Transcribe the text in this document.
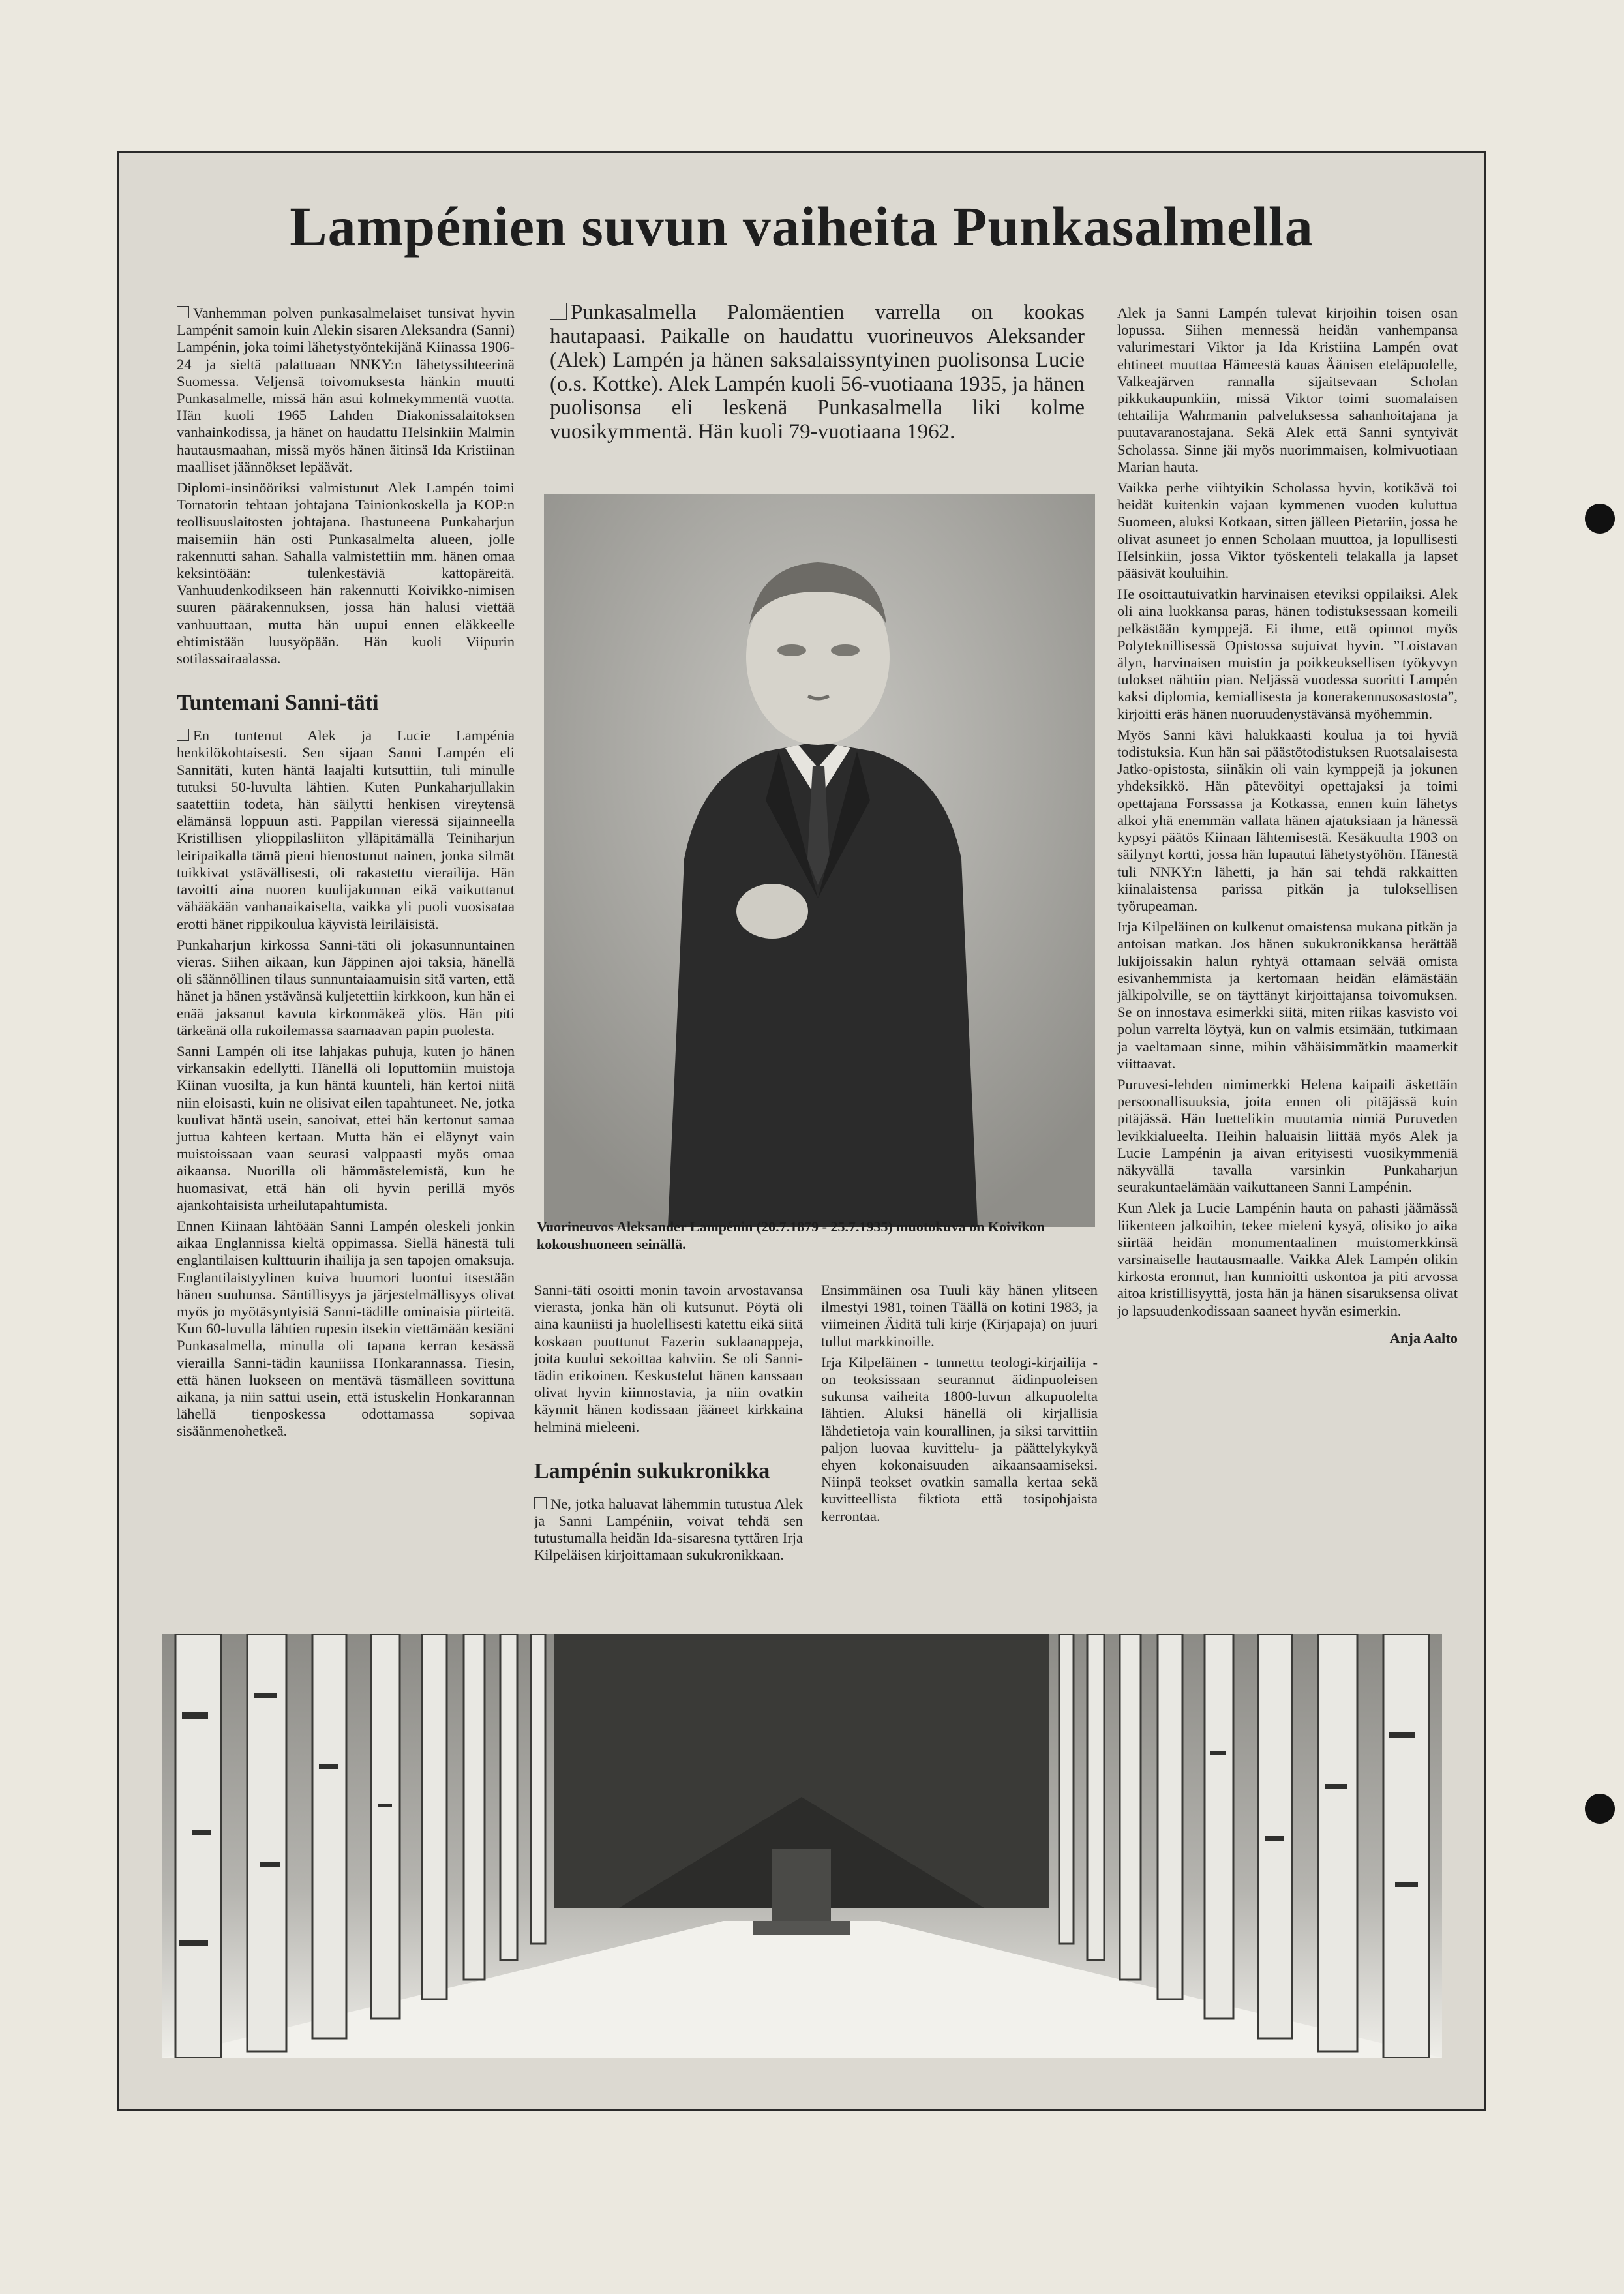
Lampénien suvun vaiheita Punkasalmella

Vanhemman polven punkasalmelaiset tunsivat hyvin Lampénit samoin kuin Alekin sisaren Aleksandra (Sanni) Lampénin, joka toimi lähetystyöntekijänä Kiinassa 1906-24 ja sieltä palattuaan NNKY:n lähetyssihteerinä Suomessa. Veljensä toivomuksesta hänkin muutti Punkasalmelle, missä hän asui kolmekymmentä vuotta. Hän kuoli 1965 Lahden Diakonissalaitoksen vanhainkodissa, ja hänet on haudattu Helsinkiin Malmin hautausmaahan, missä myös hänen äitinsä Ida Kristiinan maalliset jäännökset lepäävät.

Diplomi-insinööriksi valmistunut Alek Lampén toimi Tornatorin tehtaan johtajana Tainionkoskella ja KOP:n teollisuuslaitosten johtajana. Ihastuneena Punkaharjun maisemiin hän osti Punkasalmelta alueen, jolle rakennutti sahan. Sahalla valmistettiin mm. hänen omaa keksintöään: tulenkestäviä kattopäreitä. Vanhuudenkodikseen hän rakennutti Koivikko-nimisen suuren päärakennuksen, jossa hän halusi viettää vanhuuttaan, mutta hän uupui ennen eläkkeelle ehtimistään luusyöpään. Hän kuoli Viipurin sotilassairaalassa.

Tuntemani Sanni-täti

En tuntenut Alek ja Lucie Lampénia henkilökohtaisesti. Sen sijaan Sanni Lampén eli Sannitäti, kuten häntä laajalti kutsuttiin, tuli minulle tutuksi 50-luvulta lähtien. Kuten Punkaharjullakin saatettiin todeta, hän säilytti henkisen vireytensä elämänsä loppuun asti. Pappilan vieressä sijainneella Kristillisen ylioppilasliiton ylläpitämällä Teiniharjun leiripaikalla tämä pieni hienostunut nainen, jonka silmät tuikkivat ystävällisesti, oli rakastettu vierailija. Hän tavoitti aina nuoren kuulijakunnan eikä vaikuttanut vähääkään vanhanaikaiselta, vaikka yli puoli vuosisataa erotti hänet rippikoulua käyvistä leiriläisistä.

Punkaharjun kirkossa Sanni-täti oli jokasunnuntainen vieras. Siihen aikaan, kun Jäppinen ajoi taksia, hänellä oli säännöllinen tilaus sunnuntaiaamuisin sitä varten, että hänet ja hänen ystävänsä kuljetettiin kirkkoon, kun hän ei enää jaksanut kavuta kirkonmäkeä ylös. Hän piti tärkeänä olla rukoilemassa saarnaavan papin puolesta.

Sanni Lampén oli itse lahjakas puhuja, kuten jo hänen virkansakin edellytti. Hänellä oli loputtomiin muistoja Kiinan vuosilta, ja kun häntä kuunteli, hän kertoi niitä niin eloisasti, kuin ne olisivat eilen tapahtuneet. Ne, jotka kuulivat häntä usein, sanoivat, ettei hän kertonut samaa juttua kahteen kertaan. Mutta hän ei eläynyt vain muistoissaan vaan seurasi valppaasti myös omaa aikaansa. Nuorilla oli hämmästelemistä, kun he huomasivat, että hän oli hyvin perillä myös ajankohtaisista urheilutapahtumista.

Ennen Kiinaan lähtöään Sanni Lampén oleskeli jonkin aikaa Englannissa kieltä oppimassa. Siellä hänestä tuli englantilaisen kulttuurin ihailija ja sen tapojen omaksuja. Englantilaistyylinen kuiva huumori luontui itsestään hänen suuhunsa. Säntillisyys ja järjestelmällisyys olivat myös jo myötäsyntyisiä Sanni-tädille ominaisia piirteitä. Kun 60-luvulla lähtien rupesin itsekin viettämään kesiäni Punkasalmella, minulla oli tapana kerran kesässä vierailla Sanni-tädin kauniissa Honkarannassa. Tiesin, että hänen luokseen on mentävä täsmälleen sovittuna aikana, ja niin sattui usein, että istuskelin Honkarannan lähellä tienposkessa odottamassa sopivaa sisäänmenohetkeä.

Punkasalmella Palomäentien varrella on kookas hautapaasi. Paikalle on haudattu vuorineuvos Aleksander (Alek) Lampén ja hänen saksalaissyntyinen puolisonsa Lucie (o.s. Kottke). Alek Lampén kuoli 56-vuotiaana 1935, ja hänen puolisonsa eli leskenä Punkasalmella liki kolme vuosikymmentä. Hän kuoli 79-vuotiaana 1962.

Vuorineuvos Aleksander Lampénin (20.7.1879 - 25.7.1935) muotokuva on Koivikon kokoushuoneen seinällä.

Sanni-täti osoitti monin tavoin arvostavansa vierasta, jonka hän oli kutsunut. Pöytä oli aina kauniisti ja huolellisesti katettu eikä siitä koskaan puuttunut Fazerin suklaanappeja, joita kuului sekoittaa kahviin. Se oli Sanni-tädin erikoinen. Keskustelut hänen kanssaan olivat hyvin kiinnostavia, ja niin ovatkin käynnit hänen kodissaan jääneet kirkkaina helminä mieleeni.

Lampénin sukukronikka

Ne, jotka haluavat lähemmin tutustua Alek ja Sanni Lampéniin, voivat tehdä sen tutustumalla heidän Ida-sisaresna tyttären Irja Kilpeläisen kirjoittamaan sukukronikkaan.

Ensimmäinen osa Tuuli käy hänen ylitseen ilmestyi 1981, toinen Täällä on kotini 1983, ja viimeinen Äiditä tuli kirje (Kirjapaja) on juuri tullut markkinoille.

Irja Kilpeläinen - tunnettu teologi-kirjailija - on teoksissaan seurannut äidinpuoleisen sukunsa vaiheita 1800-luvun alkupuolelta lähtien. Aluksi hänellä oli kirjallisia lähdetietoja vain kourallinen, ja siksi tarvittiin paljon luovaa kuvittelu- ja päättelykykyä ehyen kokonaisuuden aikaansaamiseksi. Niinpä teokset ovatkin samalla kertaa sekä kuvitteellista fiktiota että tosipohjaista kerrontaa.

Alek ja Sanni Lampén tulevat kirjoihin toisen osan lopussa. Siihen mennessä heidän vanhempansa valurimestari Viktor ja Ida Kristiina Lampén ovat ehtineet muuttaa Hämeestä kauas Äänisen eteläpuolelle, Valkeajärven rannalla sijaitsevaan Scholan pikkukaupunkiin, missä Viktor toimi suomalaisen tehtailija Wahrmanin palveluksessa sahanhoitajana ja puutavaranostajana. Sekä Alek että Sanni syntyivät Scholassa. Sinne jäi myös nuorimmaisen, kolmivuotiaan Marian hauta.

Vaikka perhe viihtyikin Scholassa hyvin, kotikävä toi heidät kuitenkin vajaan kymmenen vuoden kuluttua Suomeen, aluksi Kotkaan, sitten jälleen Pietariin, jossa he olivat asuneet jo ennen Scholaan muuttoa, ja lopullisesti Helsinkiin, jossa Viktor työskenteli telakalla ja lapset pääsivät kouluihin.

He osoittautuivatkin harvinaisen eteviksi oppilaiksi. Alek oli aina luokkansa paras, hänen todistuksessaan komeili pelkästään kymppejä. Ei ihme, että opinnot myös Polyteknillisessä Opistossa sujuivat hyvin. ”Loistavan älyn, harvinaisen muistin ja poikkeuksellisen työkyvyn tulokset nähtiin pian. Neljässä vuodessa suoritti Lampén kaksi diplomia, kemiallisesta ja konerakennusosastosta”, kirjoitti eräs hänen nuoruudenystävänsä myöhemmin.

Myös Sanni kävi halukkaasti koulua ja toi hyviä todistuksia. Kun hän sai päästötodistuksen Ruotsalaisesta Jatko-opistosta, siinäkin oli vain kymppejä ja jokunen yhdeksikkö. Hän pätevöityi opettajaksi ja toimi opettajana Forssassa ja Kotkassa, ennen kuin lähetys alkoi yhä enemmän vallata hänen ajatuksiaan ja hänessä kypsyi päätös Kiinaan lähtemisestä. Kesäkuulta 1903 on säilynyt kortti, jossa hän lupautui lähetystyöhön. Hänestä tuli NNKY:n lähetti, ja hän sai tehdä rakkaitten kiinalaistensa parissa pitkän ja tuloksellisen työrupeaman.

Irja Kilpeläinen on kulkenut omaistensa mukana pitkän ja antoisan matkan. Jos hänen sukukronikkansa herättää lukijoissakin halun ryhtyä ottamaan selvää omista esivanhemmista ja kertomaan heidän elämästään jälkipolville, se on täyttänyt kirjoittajansa toivomuksen. Se on innostava esimerkki siitä, miten riikas kasvisto voi polun varrelta löytyä, kun on valmis etsimään, tutkimaan ja vaeltamaan sinne, mihin vähäisimmätkin maamerkit viittaavat.

Puruvesi-lehden nimimerkki Helena kaipaili äskettäin persoonallisuuksia, joita ennen oli pitäjässä kuin pitäjässä. Hän luettelikin muutamia nimiä Puruveden levikkialueelta. Heihin haluaisin liittää myös Alek ja Lucie Lampénin ja aivan erityisesti vuosikymmeniä näkyvällä tavalla varsinkin Punkaharjun seurakuntaelämään vaikuttaneen Sanni Lampénin.

Kun Alek ja Lucie Lampénin hauta on pahasti jäämässä liikenteen jalkoihin, tekee mieleni kysyä, olisiko jo aika siirtää heidän monumentaalinen muistomerkkinsä varsinaiselle hautausmaalle. Vaikka Alek Lampén olikin kirkosta eronnut, han kunnioitti uskontoa ja piti arvossa aitoa kristillisyyttä, josta hän ja hänen sisaruksensa olivat jo lapsuudenkodissaan saaneet hyvän esimerkin.

Anja Aalto
